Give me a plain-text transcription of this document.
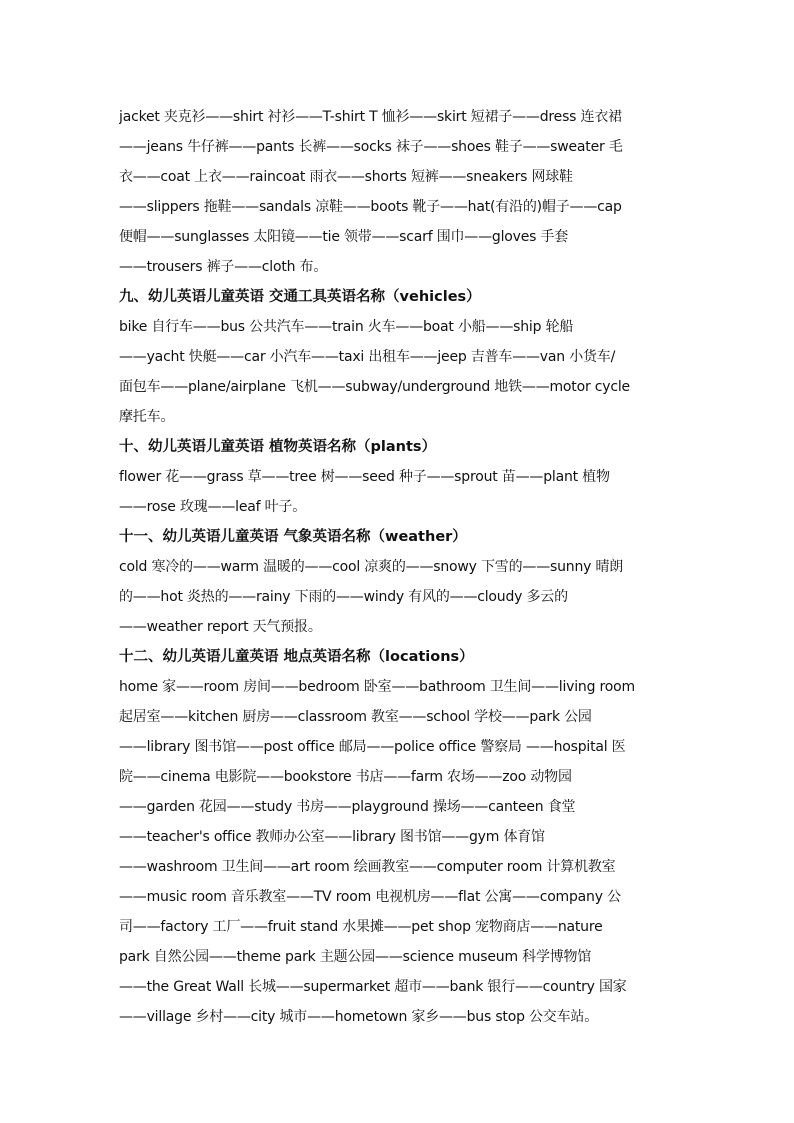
jacket 夹克衫——shirt 衬衫——T-shirt T 恤衫——skirt 短裙子——dress 连衣裙
——jeans 牛仔裤——pants 长裤——socks 袜子——shoes 鞋子——sweater 毛
衣——coat 上衣——raincoat 雨衣——shorts 短裤——sneakers 网球鞋
——slippers 拖鞋——sandals 凉鞋——boots 靴子——hat(有沿的)帽子——cap
便帽——sunglasses 太阳镜——tie 领带——scarf 围巾——gloves 手套
——trousers 裤子——cloth 布。
九、幼儿英语儿童英语 交通工具英语名称（vehicles）
bike 自行车——bus 公共汽车——train 火车——boat 小船——ship 轮船
——yacht 快艇——car 小汽车——taxi 出租车——jeep 吉普车——van 小货车/
面包车——plane/airplane 飞机——subway/underground 地铁——motor cycle
摩托车。
十、幼儿英语儿童英语 植物英语名称（plants）
flower 花——grass 草——tree 树——seed 种子——sprout 苗——plant 植物
——rose 玫瑰——leaf 叶子。
十一、幼儿英语儿童英语 气象英语名称（weather）
cold 寒冷的——warm 温暖的——cool 凉爽的——snowy 下雪的——sunny 晴朗
的——hot 炎热的——rainy 下雨的——windy 有风的——cloudy 多云的
——weather report 天气预报。
十二、幼儿英语儿童英语 地点英语名称（locations）
home 家——room 房间——bedroom 卧室——bathroom 卫生间——living room
起居室——kitchen 厨房——classroom 教室——school 学校——park 公园
——library 图书馆——post office 邮局——police office 警察局 ——hospital 医
院——cinema 电影院——bookstore 书店——farm 农场——zoo 动物园
——garden 花园——study 书房——playground 操场——canteen 食堂
——teacher's office 教师办公室——library 图书馆——gym 体育馆
——washroom 卫生间——art room 绘画教室——computer room 计算机教室
——music room 音乐教室——TV room 电视机房——flat 公寓——company 公
司——factory 工厂——fruit stand 水果摊——pet shop 宠物商店——nature
park 自然公园——theme park 主题公园——science museum 科学博物馆
——the Great Wall 长城——supermarket 超市——bank 银行——country 国家
——village 乡村——city 城市——hometown 家乡——bus stop 公交车站。
